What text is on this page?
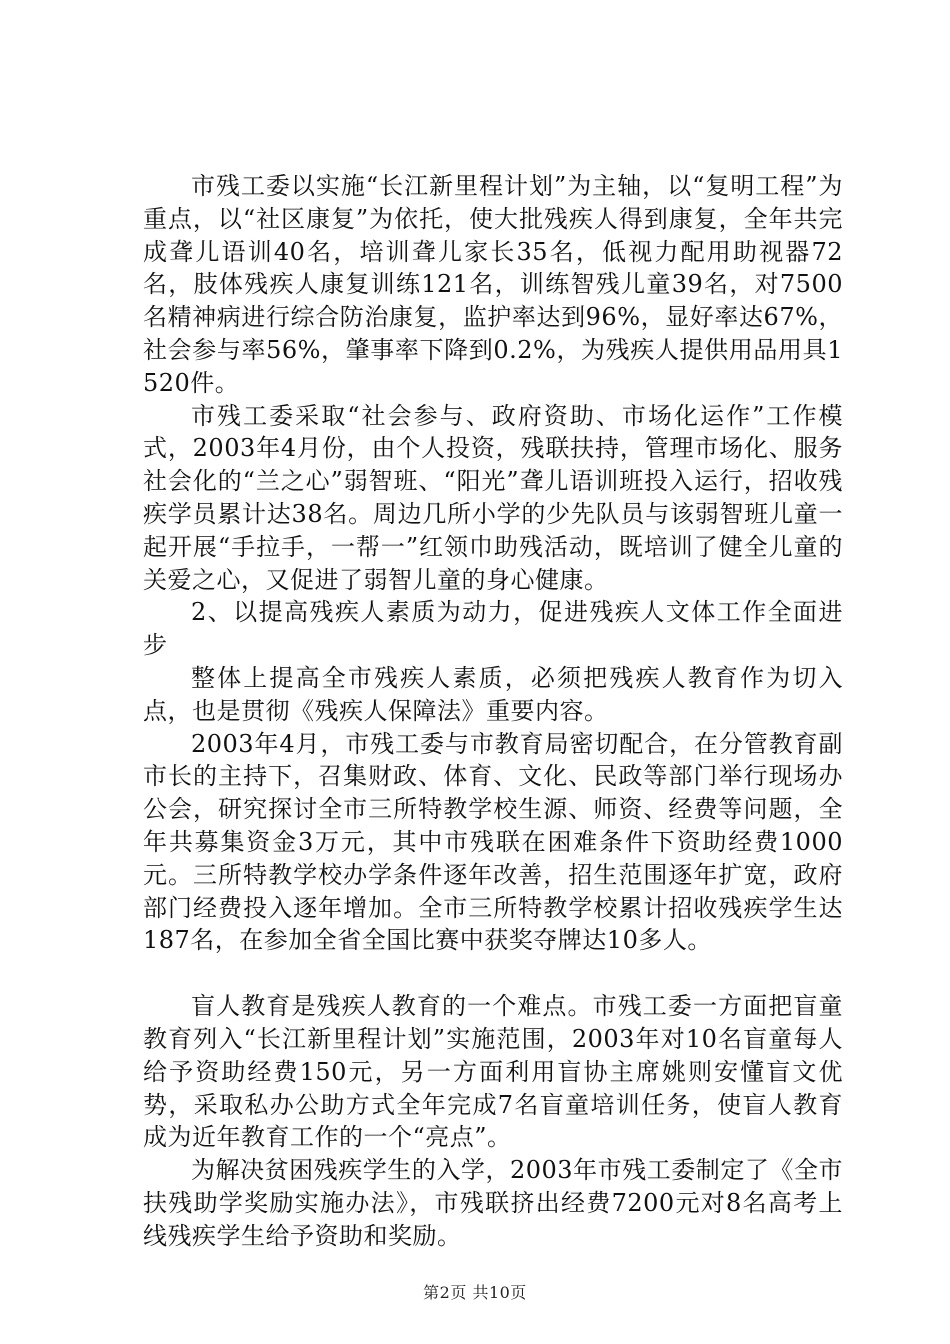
市残工委以实施“长江新里程计划”为主轴，以“复明工程”为重点，以“社区康复”为依托，使大批残疾人得到康复，全年共完成聋儿语训40名，培训聋儿家长35名，低视力配用助视器72名，肢体残疾人康复训练121名，训练智残儿童39名，对7500名精神病进行综合防治康复，监护率达到96%，显好率达67%，社会参与率56%，肇事率下降到0.2%，为残疾人提供用品用具1520件。

市残工委采取“社会参与、政府资助、市场化运作”工作模式，2003年4月份，由个人投资，残联扶持，管理市场化、服务社会化的“兰之心”弱智班、“阳光”聋儿语训班投入运行，招收残疾学员累计达38名。周边几所小学的少先队员与该弱智班儿童一起开展“手拉手，一帮一”红领巾助残活动，既培训了健全儿童的关爱之心，又促进了弱智儿童的身心健康。

2、以提高残疾人素质为动力，促进残疾人文体工作全面进步

整体上提高全市残疾人素质，必须把残疾人教育作为切入点，也是贯彻《残疾人保障法》重要内容。

2003年4月，市残工委与市教育局密切配合，在分管教育副市长的主持下，召集财政、体育、文化、民政等部门举行现场办公会，研究探讨全市三所特教学校生源、师资、经费等问题，全年共募集资金3万元，其中市残联在困难条件下资助经费1000元。三所特教学校办学条件逐年改善，招生范围逐年扩宽，政府部门经费投入逐年增加。全市三所特教学校累计招收残疾学生达187名，在参加全省全国比赛中获奖夺牌达10多人。

盲人教育是残疾人教育的一个难点。市残工委一方面把盲童教育列入“长江新里程计划”实施范围，2003年对10名盲童每人给予资助经费150元，另一方面利用盲协主席姚则安懂盲文优势，采取私办公助方式全年完成7名盲童培训任务，使盲人教育成为近年教育工作的一个“亮点”。

为解决贫困残疾学生的入学，2003年市残工委制定了《全市扶残助学奖励实施办法》，市残联挤出经费7200元对8名高考上线残疾学生给予资助和奖励。

第2页 共10页
